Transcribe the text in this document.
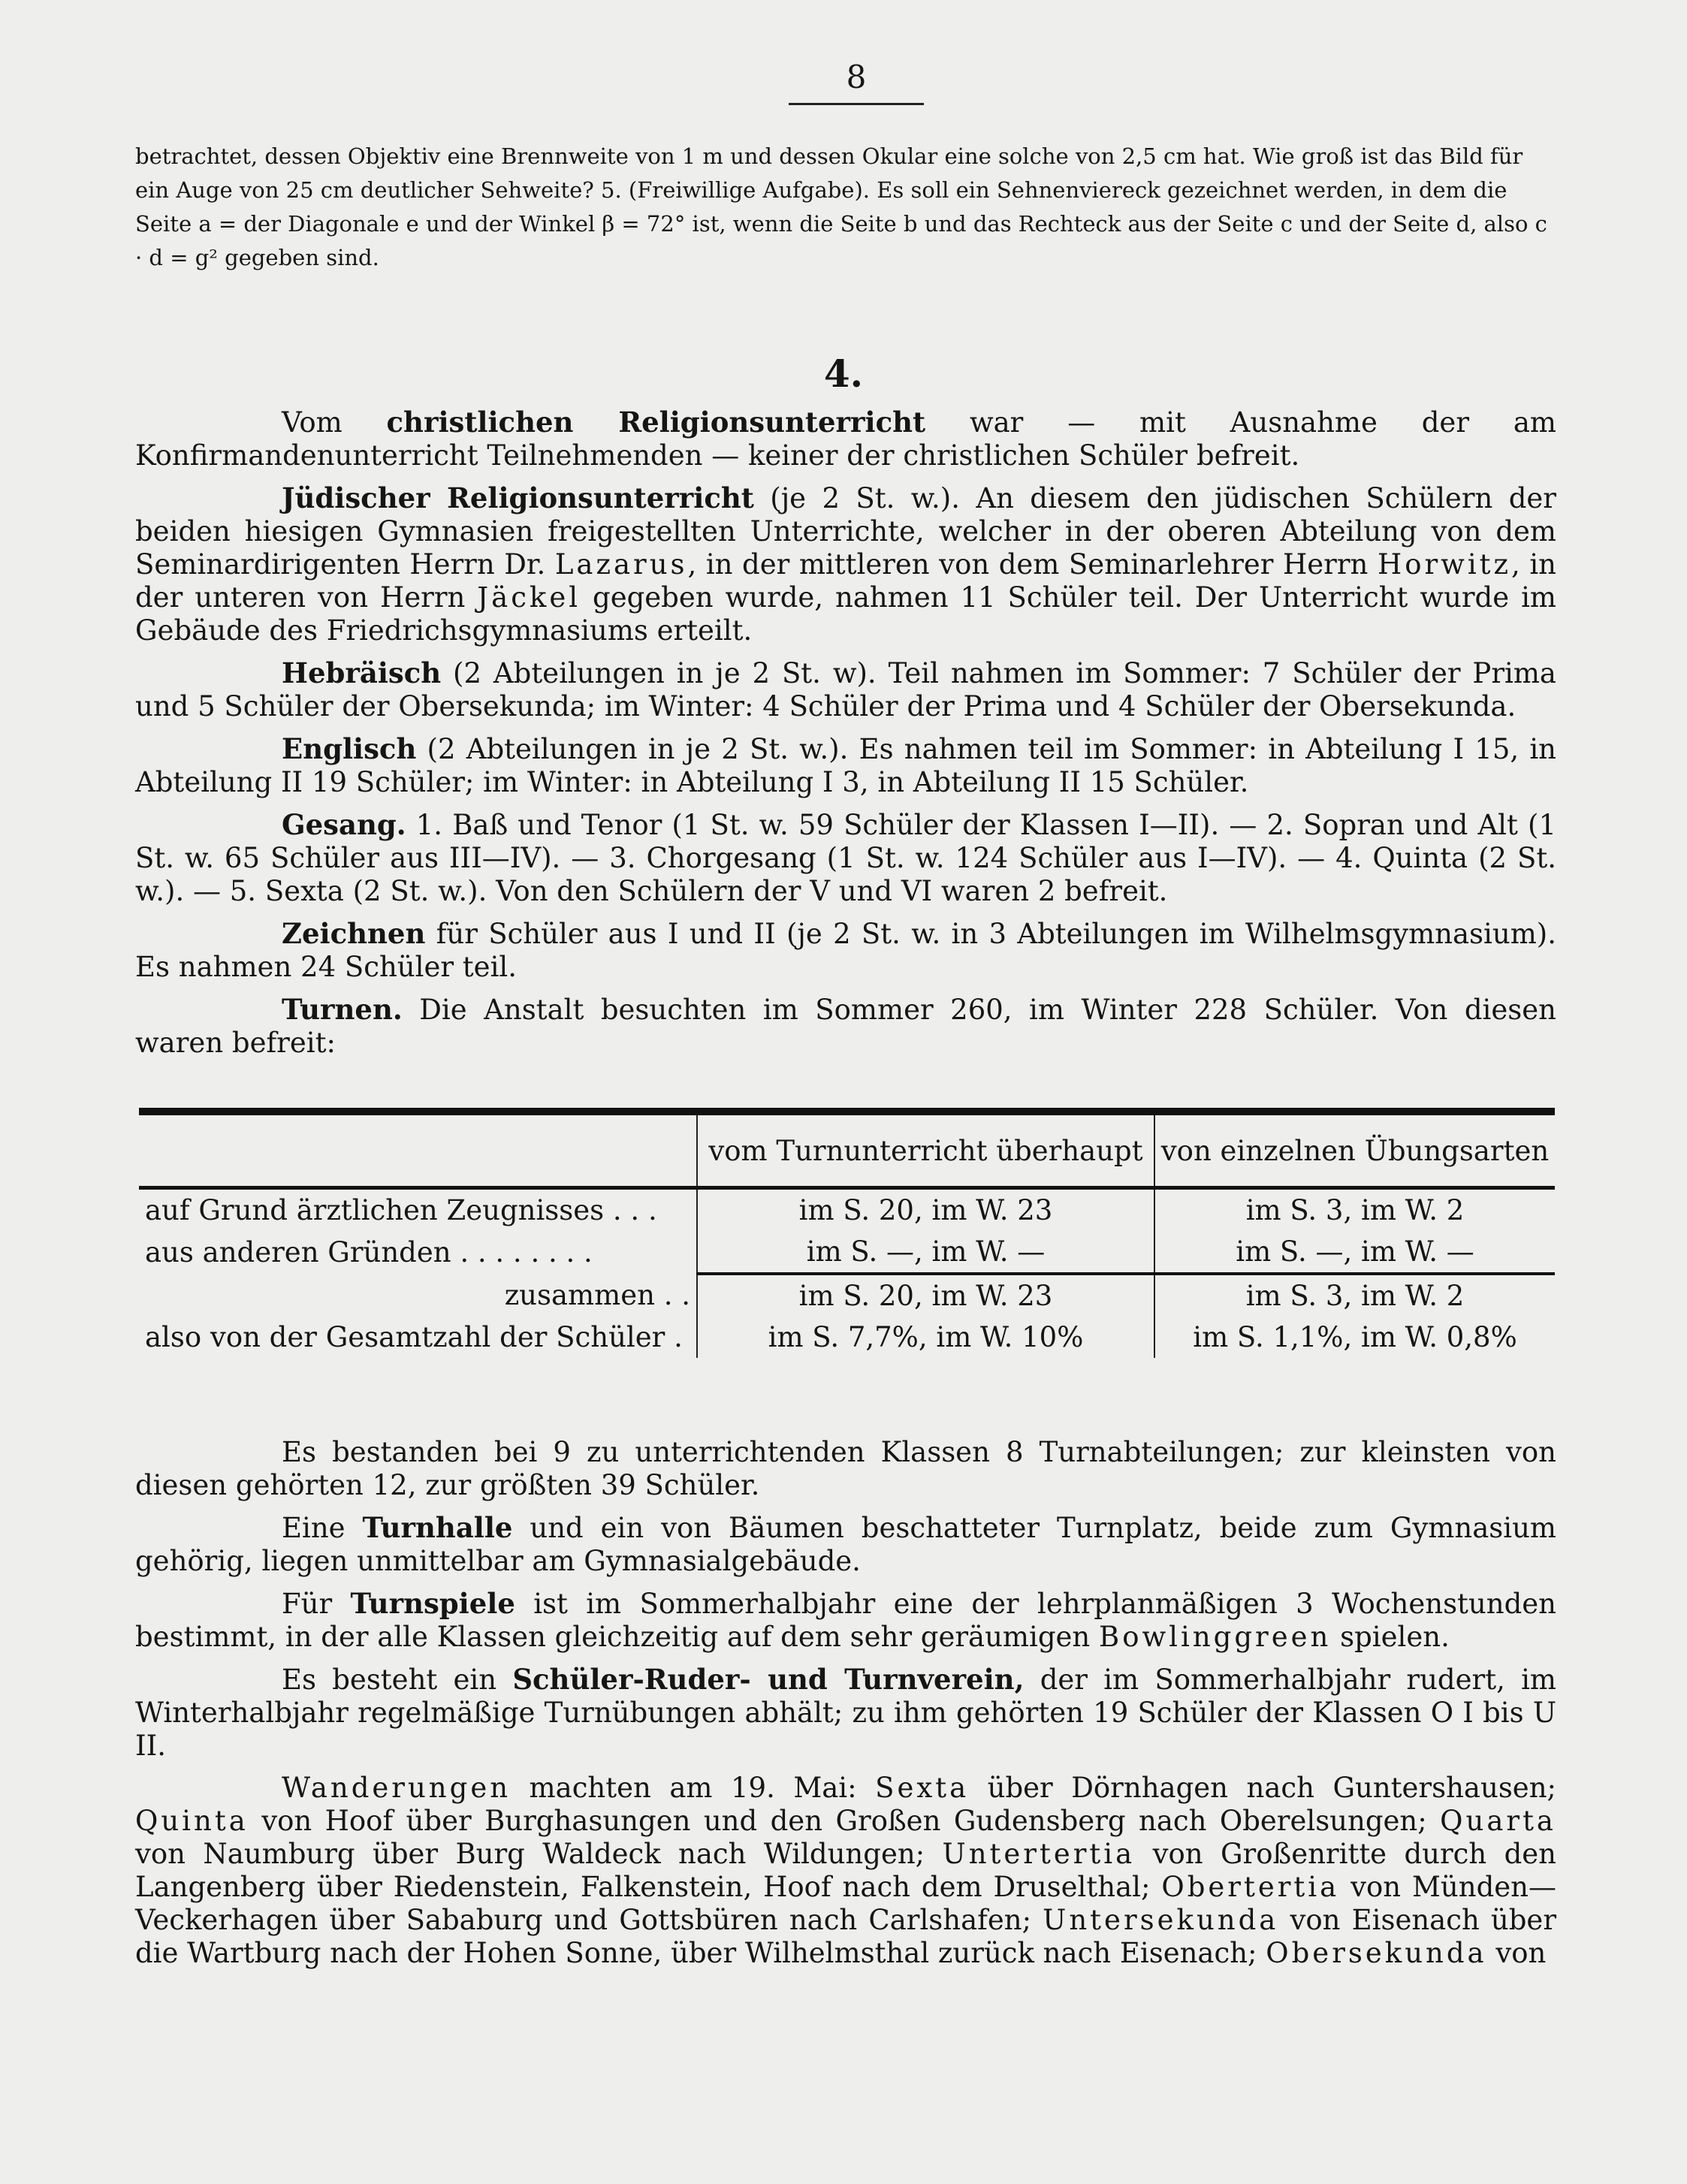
8
betrachtet, dessen Objektiv eine Brennweite von 1 m und dessen Okular eine solche von 2,5 cm hat. Wie groß ist das Bild für ein Auge von 25 cm deutlicher Sehweite? 5. (Freiwillige Aufgabe). Es soll ein Sehnenviereck gezeichnet werden, in dem die Seite a = der Diagonale e und der Winkel β = 72° ist, wenn die Seite b und das Rechteck aus der Seite c und der Seite d, also c · d = g² gegeben sind.
4.

Vom christlichen Religionsunterricht war — mit Ausnahme der am Konfirmandenunterricht Teilnehmenden — keiner der christlichen Schüler befreit.

Jüdischer Religionsunterricht (je 2 St. w.). An diesem den jüdischen Schülern der beiden hiesigen Gymnasien freigestellten Unterrichte, welcher in der oberen Abteilung von dem Seminardirigenten Herrn Dr. Lazarus, in der mittleren von dem Seminarlehrer Herrn Horwitz, in der unteren von Herrn Jäckel gegeben wurde, nahmen 11 Schüler teil. Der Unterricht wurde im Gebäude des Friedrichsgymnasiums erteilt.

Hebräisch (2 Abteilungen in je 2 St. w). Teil nahmen im Sommer: 7 Schüler der Prima und 5 Schüler der Obersekunda; im Winter: 4 Schüler der Prima und 4 Schüler der Obersekunda.

Englisch (2 Abteilungen in je 2 St. w.). Es nahmen teil im Sommer: in Abteilung I 15, in Abteilung II 19 Schüler; im Winter: in Abteilung I 3, in Abteilung II 15 Schüler.

Gesang. 1. Baß und Tenor (1 St. w. 59 Schüler der Klassen I—II). — 2. Sopran und Alt (1 St. w. 65 Schüler aus III—IV). — 3. Chorgesang (1 St. w. 124 Schüler aus I—IV). — 4. Quinta (2 St. w.). — 5. Sexta (2 St. w.). Von den Schülern der V und VI waren 2 befreit.

Zeichnen für Schüler aus I und II (je 2 St. w. in 3 Abteilungen im Wilhelmsgymnasium). Es nahmen 24 Schüler teil.

Turnen. Die Anstalt besuchten im Sommer 260, im Winter 228 Schüler. Von diesen waren befreit:

	vom Turnunterricht überhaupt	von einzelnen Übungsarten
auf Grund ärztlichen Zeugnisses . . .	im S. 20, im W. 23	im S. 3, im W. 2
aus anderen Gründen . . . . . . . .	im S. —, im W. —	im S. —, im W. —
zusammen . .	im S. 20, im W. 23	im S. 3, im W. 2
also von der Gesamtzahl der Schüler .	im S. 7,7%, im W. 10%	im S. 1,1%, im W. 0,8%

Es bestanden bei 9 zu unterrichtenden Klassen 8 Turnabteilungen; zur kleinsten von diesen gehörten 12, zur größten 39 Schüler.

Eine Turnhalle und ein von Bäumen beschatteter Turnplatz, beide zum Gymnasium gehörig, liegen unmittelbar am Gymnasialgebäude.

Für Turnspiele ist im Sommerhalbjahr eine der lehrplanmäßigen 3 Wochenstunden bestimmt, in der alle Klassen gleichzeitig auf dem sehr geräumigen Bowlinggreen spielen.

Es besteht ein Schüler-Ruder- und Turnverein, der im Sommerhalbjahr rudert, im Winterhalbjahr regelmäßige Turnübungen abhält; zu ihm gehörten 19 Schüler der Klassen O I bis U II.

Wanderungen machten am 19. Mai: Sexta über Dörnhagen nach Guntershausen; Quinta von Hoof über Burghasungen und den Großen Gudensberg nach Oberelsungen; Quarta von Naumburg über Burg Waldeck nach Wildungen; Untertertia von Großenritte durch den Langenberg über Riedenstein, Falkenstein, Hoof nach dem Druselthal; Obertertia von Münden—Veckerhagen über Sababurg und Gottsbüren nach Carlshafen; Untersekunda von Eisenach über die Wartburg nach der Hohen Sonne, über Wilhelmsthal zurück nach Eisenach; Obersekunda von
